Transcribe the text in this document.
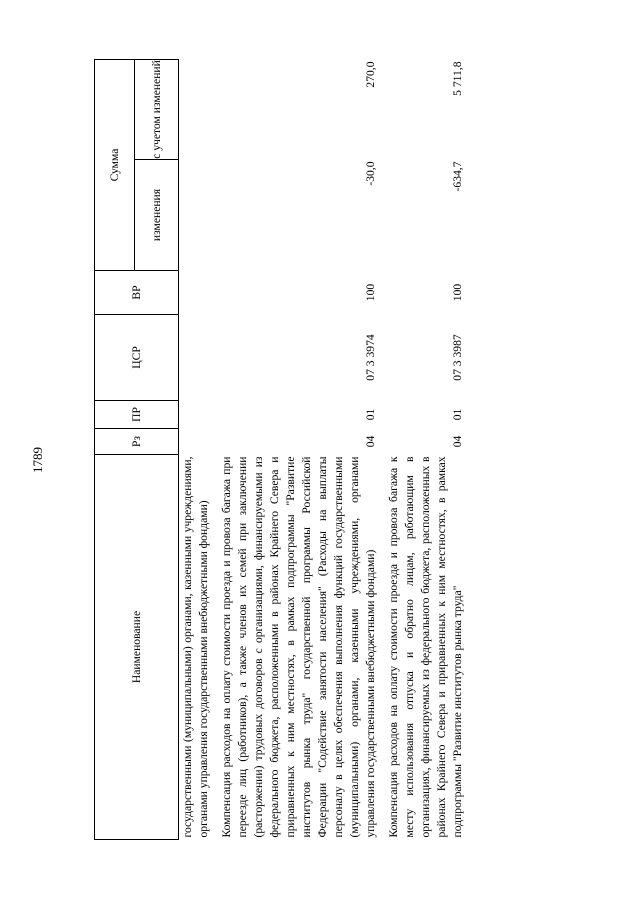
1789
Наименование	Рз	ПР	ЦСР	ВР	Сумма	
					изменения	с учетом изменений
государственными (муниципальными) органами, казенными учреждениями, органами управления государственными внебюджетными фондами)						
Компенсация расходов на оплату стоимости проезда и провоза багажа при переезде лиц (работников), а также членов их семей при заключении (расторжении) трудовых договоров с организациями, финансируемыми из федерального бюджета, расположенными в районах Крайнего Севера и приравненных к ним местностях, в рамках подпрограммы "Развитие институтов рынка труда" государственной программы Российской Федерации "Содействие занятости населения" (Расходы на выплаты персоналу в целях обеспечения выполнения функций государственными (муниципальными) органами, казенными учреждениями, органами управления государственными внебюджетными фондами)	04	01	07 3 3974	100	-30,0	270,0
Компенсация расходов на оплату стоимости проезда и провоза багажа к месту использования отпуска и обратно лицам, работающим в организациях, финансируемых из федерального бюджета, расположенных в районах Крайнего Севера и приравненных к ним местностях, в рамках подпрограммы "Развитие институтов рынка труда"	04	01	07 3 3987	100	-634,7	5 711,8
